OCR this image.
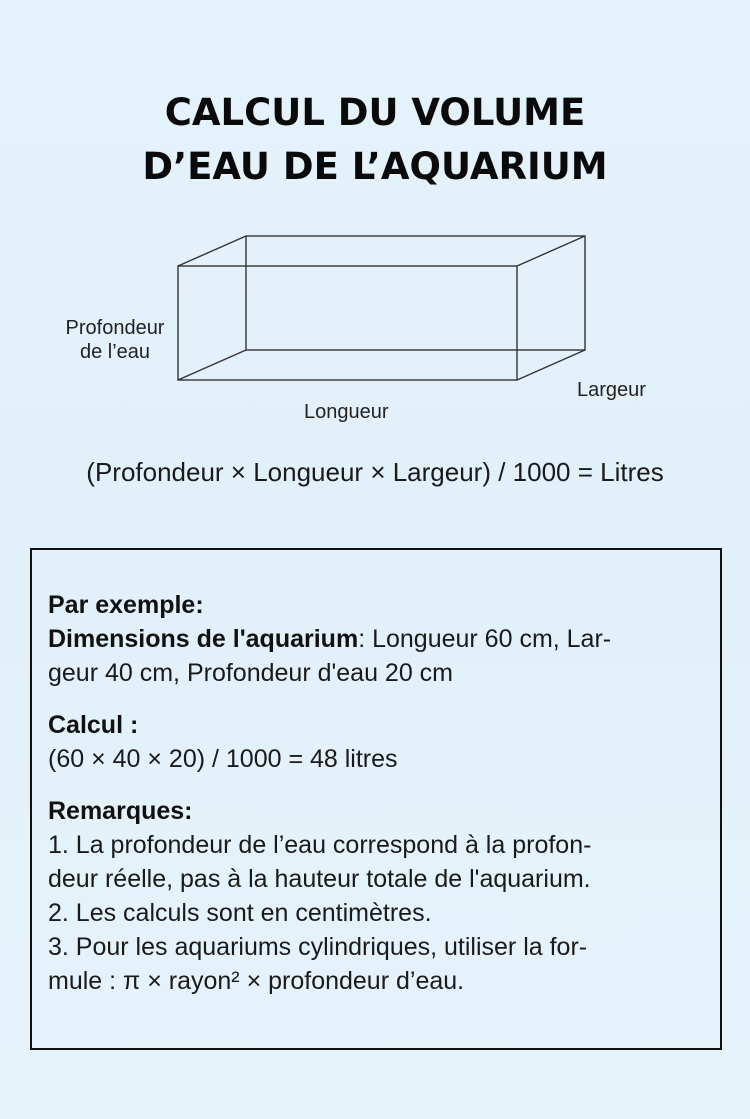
CALCUL DU VOLUME
D’EAU DE L’AQUARIUM
Profondeur
de l’eau
Longueur
Largeur
(Profondeur × Longueur × Largeur) / 1000 = Litres

Par exemple:

Dimensions de l'aquarium: Longueur 60 cm, Lar-

geur 40 cm, Profondeur d'eau 20 cm

Calcul :

(60 × 40 × 20) / 1000 = 48 litres

Remarques:

1. La profondeur de l’eau correspond à la profon-

deur réelle, pas à la hauteur totale de l'aquarium.

2. Les calculs sont en centimètres.

3. Pour les aquariums cylindriques, utiliser la for-

mule : π × rayon² × profondeur d’eau.
